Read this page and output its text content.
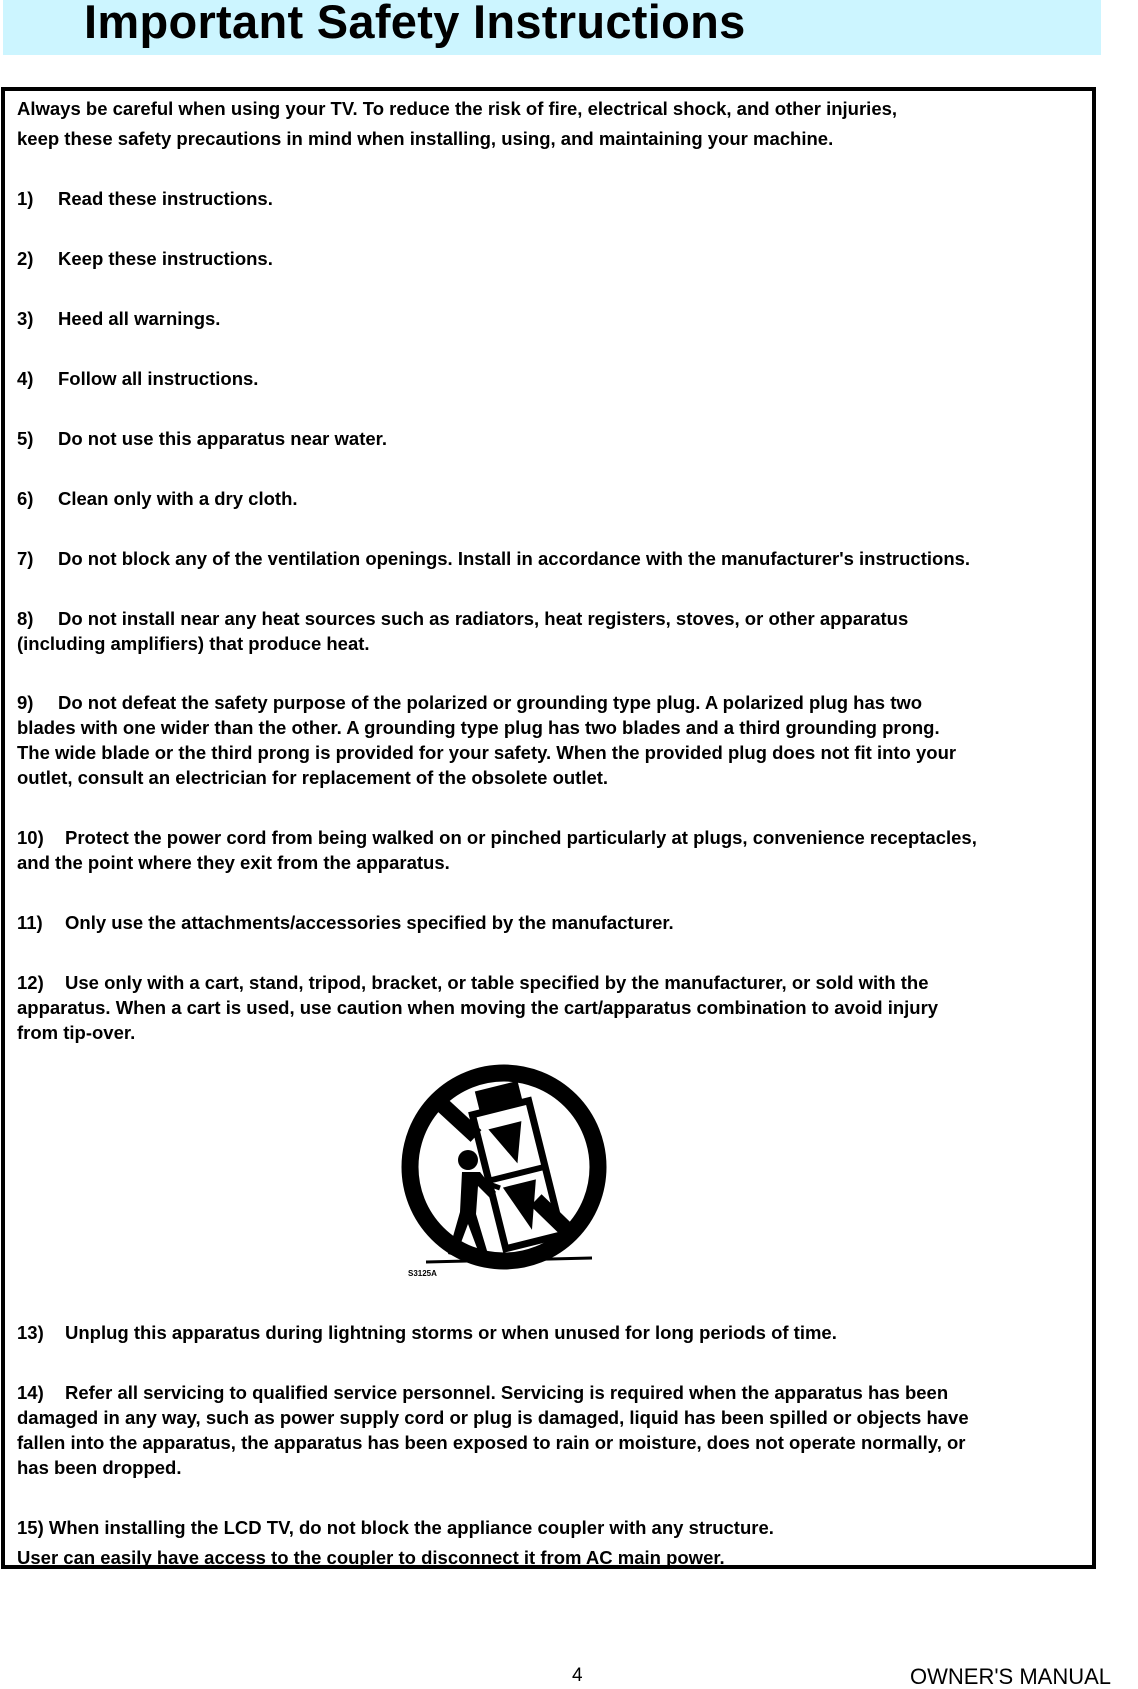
Important Safety Instructions
Always be careful when using your TV. To reduce the risk of fire, electrical shock, and other injuries,
keep these safety precautions in mind when installing, using, and maintaining your machine.
1) Read these instructions.
2) Keep these instructions.
3) Heed all warnings.
4) Follow all instructions.
5) Do not use this apparatus near water.
6) Clean only with a dry cloth.
7) Do not block any of the ventilation openings. Install in accordance with the manufacturer's instructions.
8) Do not install near any heat sources such as radiators, heat registers, stoves, or other apparatus
(including amplifiers) that produce heat.
9) Do not defeat the safety purpose of the polarized or grounding type plug. A polarized plug has two
blades with one wider than the other. A grounding type plug has two blades and a third grounding prong.
The wide blade or the third prong is provided for your safety. When the provided plug does not fit into your
outlet, consult an electrician for replacement of the obsolete outlet.
10) Protect the power cord from being walked on or pinched particularly at plugs, convenience receptacles,
and the point where they exit from the apparatus.
11) Only use the attachments/accessories specified by the manufacturer.
12) Use only with a cart, stand, tripod, bracket, or table specified by the manufacturer, or sold with the
apparatus. When a cart is used, use caution when moving the cart/apparatus combination to avoid injury
from tip-over.
S3125A
13) Unplug this apparatus during lightning storms or when unused for long periods of time.
14) Refer all servicing to qualified service personnel. Servicing is required when the apparatus has been
damaged in any way, such as power supply cord or plug is damaged, liquid has been spilled or objects have
fallen into the apparatus, the apparatus has been exposed to rain or moisture, does not operate normally, or
has been dropped.
15) When installing the LCD TV, do not block the appliance coupler with any structure.
User can easily have access to the coupler to disconnect it from AC main power.
4	OWNER'S MANUAL
